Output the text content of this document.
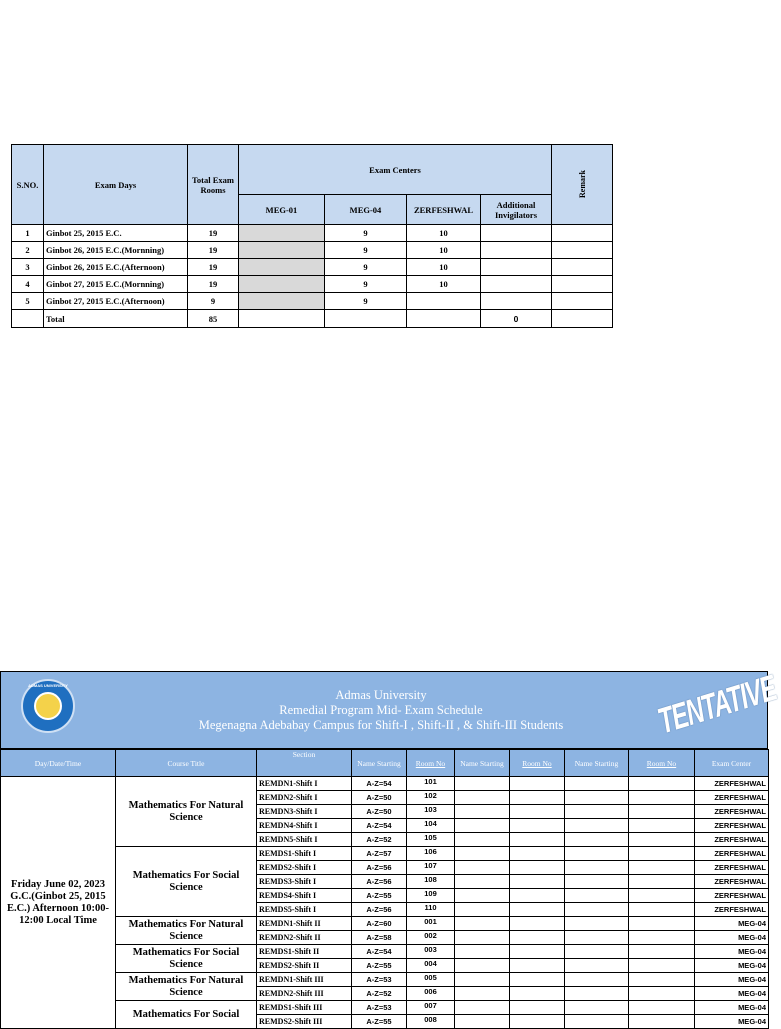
S.NO.	Exam Days	Total Exam Rooms	Exam Centers				Remark
			MEG-01	MEG-04	ZERFESHWAL	Additional Invigilators	
1	Ginbot 25, 2015 E.C.	19		9	10		
2	Ginbot 26, 2015 E.C.(Mornning)	19		9	10		
3	Ginbot 26, 2015 E.C.(Afternoon)	19		9	10		
4	Ginbot 27, 2015 E.C.(Mornning)	19		9	10		
5	Ginbot 27, 2015 E.C.(Afternoon)	9		9			
	Total	85				0	
ADMAS UNIVERSITY
Admas University
Remedial Program Mid- Exam Schedule
Megenagna Adebabay Campus for Shift-I , Shift-II , & Shift-III Students	TENTATIVE
Day/Date/Time	Course Title	Section	Name Starting	Room No	Name Starting	Room No	Name Starting	Room No	Exam Center
Friday June 02, 2023 G.C.(Ginbot 25, 2015 E.C.) Afternoon 10:00-12:00 Local Time	Mathematics For Natural Science	REMDN1-Shift I	A-Z=54	101					ZERFESHWAL
		REMDN2-Shift I	A-Z=50	102					ZERFESHWAL
		REMDN3-Shift I	A-Z=50	103					ZERFESHWAL
		REMDN4-Shift I	A-Z=54	104					ZERFESHWAL
		REMDN5-Shift I	A-Z=52	105					ZERFESHWAL
	Mathematics For Social Science	REMDS1-Shift I	A-Z=57	106					ZERFESHWAL
		REMDS2-Shift I	A-Z=56	107					ZERFESHWAL
		REMDS3-Shift I	A-Z=56	108					ZERFESHWAL
		REMDS4-Shift I	A-Z=55	109					ZERFESHWAL
		REMDS5-Shift I	A-Z=56	110					ZERFESHWAL
	Mathematics For Natural Science	REMDN1-Shift II	A-Z=60	001					MEG-04
		REMDN2-Shift II	A-Z=58	002					MEG-04
	Mathematics For Social Science	REMDS1-Shift II	A-Z=54	003					MEG-04
		REMDS2-Shift II	A-Z=55	004					MEG-04
	Mathematics For Natural Science	REMDN1-Shift III	A-Z=53	005					MEG-04
		REMDN2-Shift III	A-Z=52	006					MEG-04
	Mathematics For Social	REMDS1-Shift III	A-Z=53	007					MEG-04
		REMDS2-Shift III	A-Z=55	008					MEG-04
